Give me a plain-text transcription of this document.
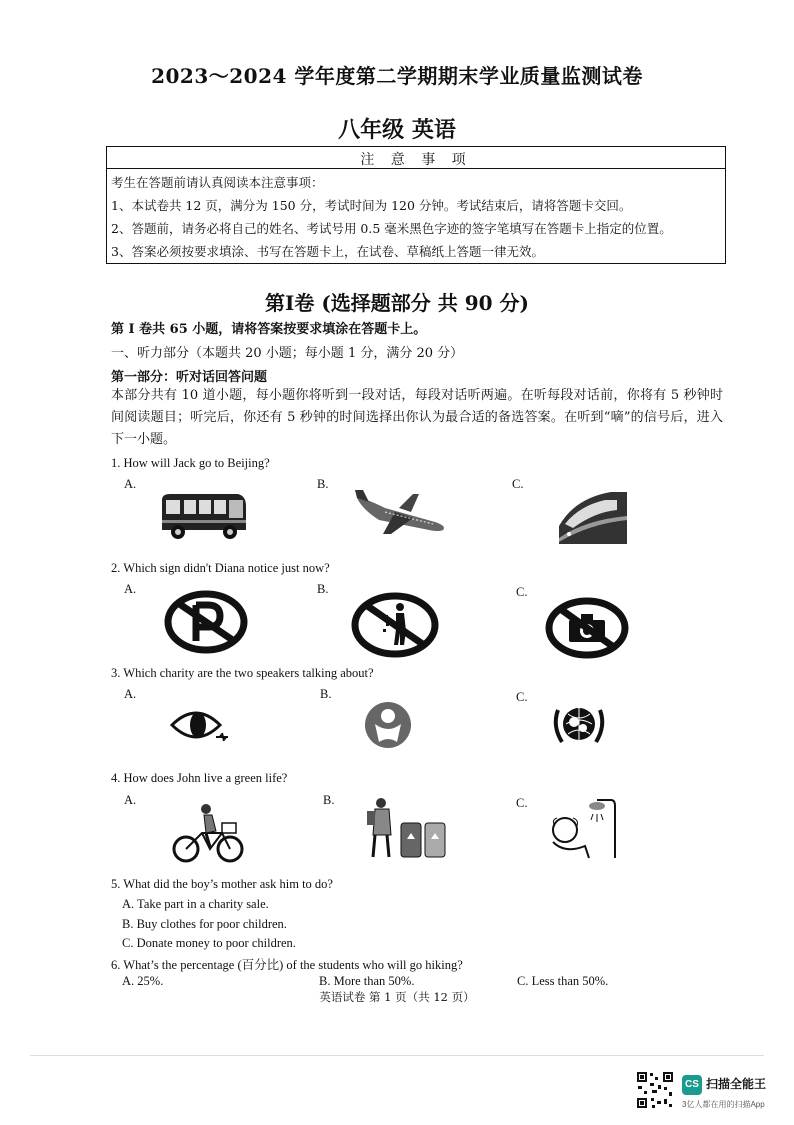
2023～2024 学年度第二学期期末学业质量监测试卷
八年级 英语
注 意 事 项
考生在答题前请认真阅读本注意事项：
1、本试卷共 12 页，满分为 150 分，考试时间为 120 分钟。考试结束后，请将答题卡交回。
2、答题前，请务必将自己的姓名、考试号用 0.5 毫米黑色字迹的签字笔填写在答题卡上指定的位置。
3、答案必须按要求填涂、书写在答题卡上，在试卷、草稿纸上答题一律无效。
第Ⅰ卷 (选择题部分 共 90 分)
第 I 卷共 65 小题，请将答案按要求填涂在答题卡上。
一、听力部分（本题共 20 小题；每小题 1 分，满分 20 分）
第一部分：听对话回答问题
本部分共有 10 道小题，每小题你将听到一段对话，每段对话听两遍。在听每段对话前，你将有 5 秒钟时间阅读题目；听完后，你还有 5 秒钟的时间选择出你认为最合适的备选答案。在听到“嘀”的信号后，进入下一小题。
1. How will Jack go to Beijing?
A.	B.	C.
2. Which sign didn't Diana notice just now?
A.	B.	C.
3. Which charity are the two speakers talking about?
A.	B.	C.
4. How does John live a green life?
A.	B.	C.
5. What did the boy’s mother ask him to do?
A. Take part in a charity sale.
B. Buy clothes for poor children.
C. Donate money to poor children.
6. What’s the percentage (百分比) of the students who will go hiking?
A. 25%.	B. More than 50%.	C. Less than 50%.
英语试卷 第 1 页（共 12 页）
CS 扫描全能王
3亿人都在用的扫描App
